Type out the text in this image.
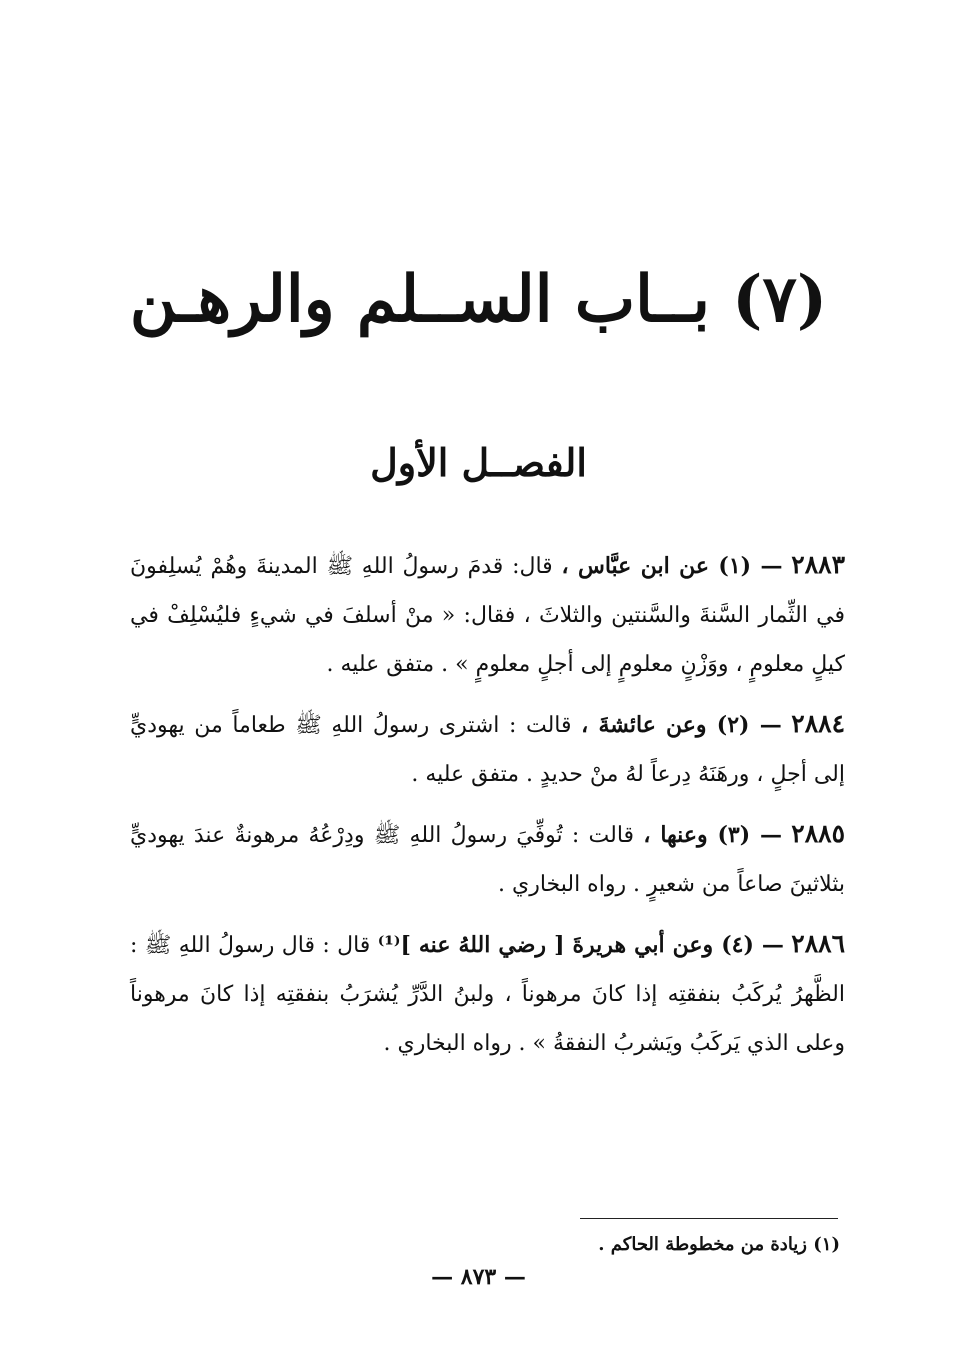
(٧) بــاب الســلم والرهـن
الفصــل الأول

٢٨٨٣ — (١) عن ابن عبَّاس ، قال: قدمَ رسولُ اللهِ ﷺ المدينةَ وهُمْ يُسلِفونَ في الثِّمار السَّنةَ والسَّنتين والثلاثَ ، فقال: « منْ أسلفَ في شيءٍ فليُسْلِفْ في كيلٍ معلومٍ ، ووَزْنٍ معلومٍ إلى أجلٍ معلومٍ » . متفق عليه .

٢٨٨٤ — (٢) وعن عائشةَ ، قالت : اشترى رسولُ اللهِ ﷺ طعاماً من يهوديٍّ إلى أجلٍ ، ورهَنَهُ دِرعاً لهُ منْ حديدٍ . متفق عليه .

٢٨٨٥ — (٣) وعنها ، قالت : تُوفِّيَ رسولُ اللهِ ﷺ ودِرْعُهُ مرهونةٌ عندَ يهوديٍّ بثلاثينَ صاعاً من شعيرٍ . رواه البخاري .

٢٨٨٦ — (٤) وعن أبي هريرةَ [ رضي اللهُ عنه ]⁽¹⁾ قال : قال رسولُ اللهِ ﷺ : الظَّهرُ يُركَبُ بنفقتِه إذا كانَ مرهوناً ، ولبنُ الدَّرِّ يُشرَبُ بنفقتِه إذا كانَ مرهوناً وعلى الذي يَركَبُ ويَشربُ النفقةُ » . رواه البخاري .

(١) زيادة من مخطوطة الحاكم .
— ٨٧٣ —
